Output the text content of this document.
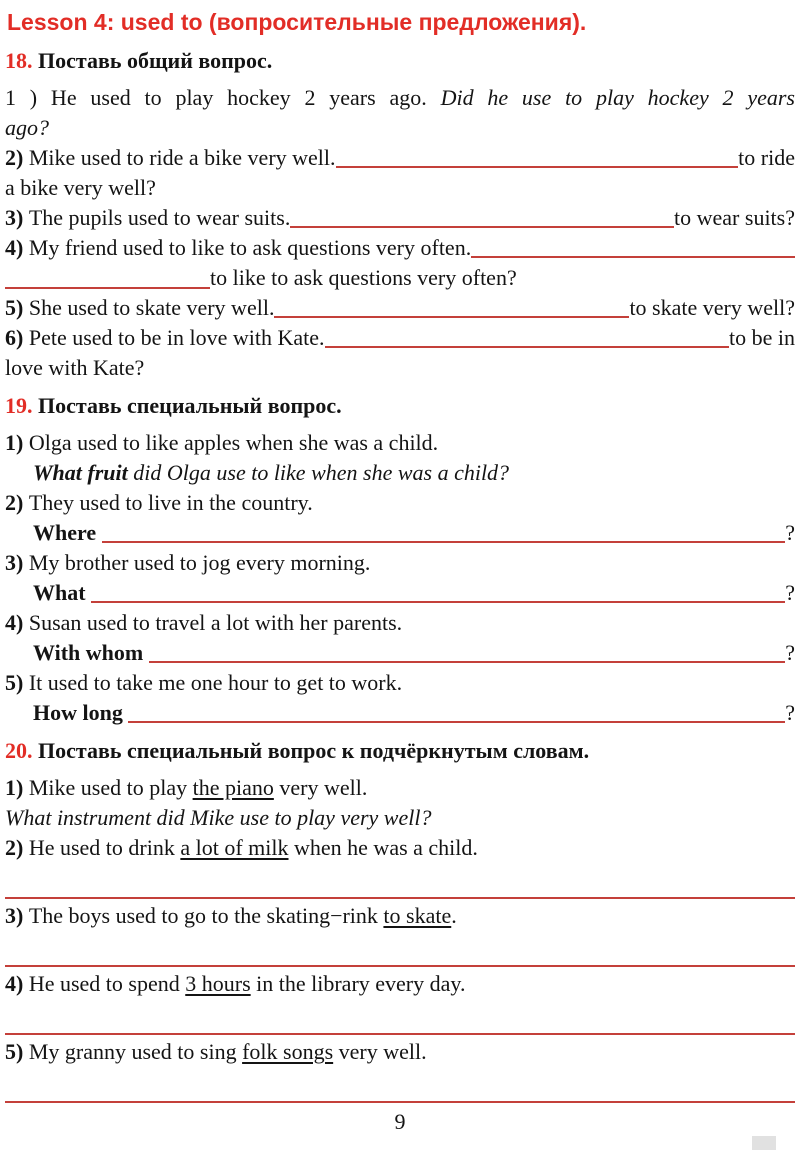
Lesson 4: used to (вопросительные предложения).

18. Поставь общий вопрос.

1 ) He used to play hockey 2 years ago. Did he use to play hockey 2 years

ago?

2) Mike used to ride a bike very well.	to ride

a bike very well?

3) The pupils used to wear suits.	to wear suits?

4) My friend used to like to ask questions very often.

to like to ask questions very often?

5) She used to skate very well.	to skate very well?

6) Pete used to be in love with Kate.	to be in

love with Kate?

19. Поставь специальный вопрос.

1) Olga used to like apples when she was a child.

What fruit did Olga use to like when she was a child?

2) They used to live in the country.

Where	?

3) My brother used to jog every morning.

What	?

4) Susan used to travel a lot with her parents.

With whom	?

5) It used to take me one hour to get to work.

How long	?

20. Поставь специальный вопрос к подчёркнутым словам.

1) Mike used to play the piano very well.

What instrument did Mike use to play very well?

2) He used to drink a lot of milk when he was a child.

3) The boys used to go to the skating−rink to skate.

4) He used to spend 3 hours in the library every day.

5) My granny used to sing folk songs very well.

9
